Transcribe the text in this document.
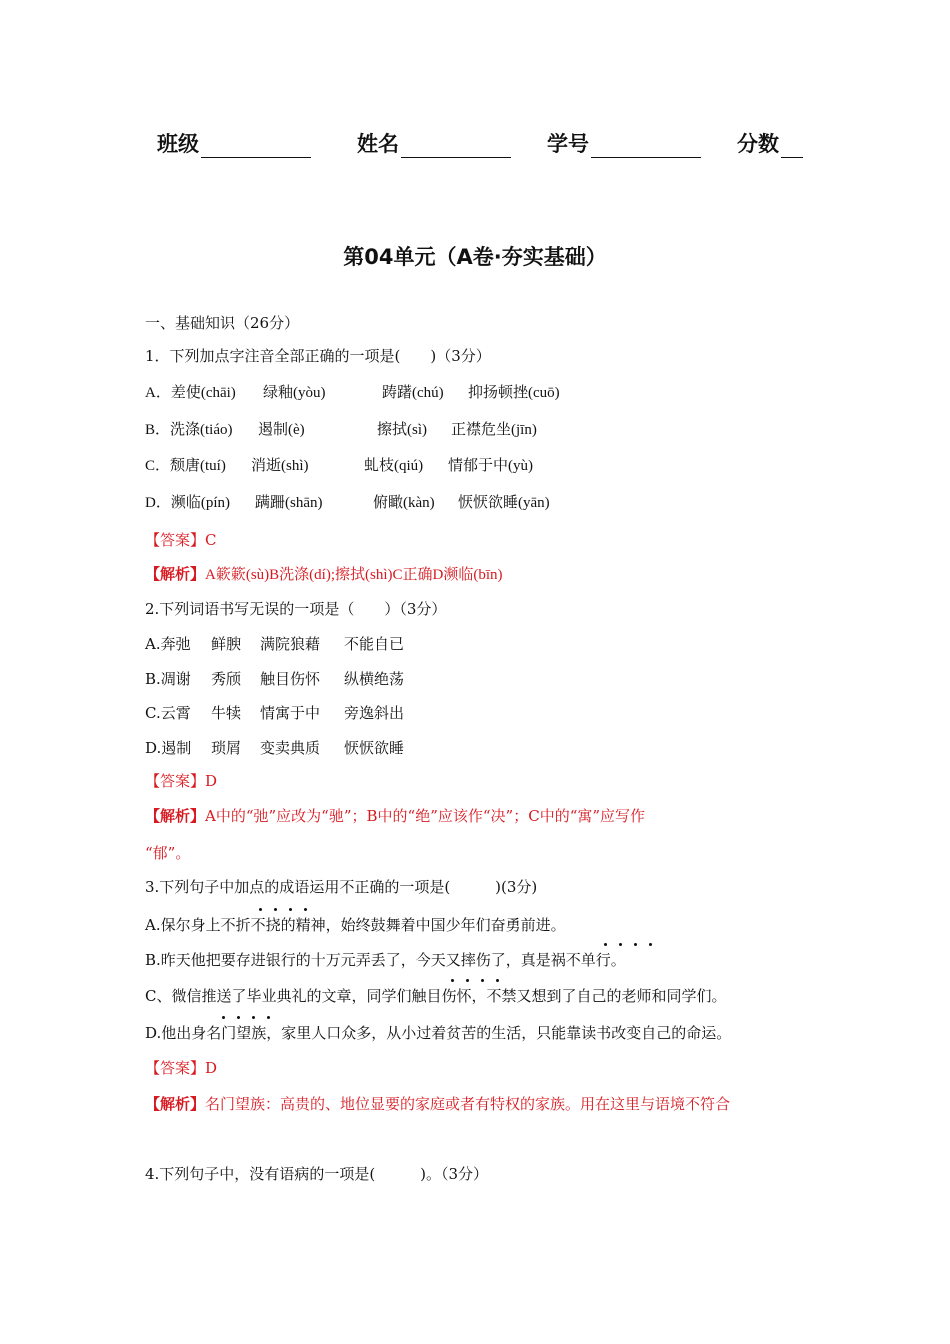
班级	姓名	学号	分数
第04单元（A卷·夯实基础）
一、基础知识（26分）
1．下列加点字注音全部正确的一项是(　　)（3分）
A．差使(chāi) 绿釉(yòu)	踌躇(chú) 抑扬顿挫(cuō)
B．洗涤(tiáo) 遏制(è)	擦拭(sì) 正襟危坐(jīn)
C．颓唐(tuí) 消逝(shì)	虬枝(qiú) 情郁于中(yù)
D．濒临(pín) 蹒跚(shān)	俯瞰(kàn) 恹恹欲睡(yān)
【答案】C
【解析】A簌簌(sù)B洗涤(dí);擦拭(shì)C正确D濒临(bīn)
2.下列词语书写无误的一项是（　　）（3分）
A.奔弛 鲜腴 满院狼藉 不能自已
B.凋谢 秀颀 触目伤怀 纵横绝荡
C.云霄 牛犊 情寓于中 旁逸斜出
D.遏制 琐屑 变卖典质 恹恹欲睡
【答案】D
【解析】A中的“弛”应改为“驰”；B中的“绝”应该作“决”；C中的“寓”应写作
“郁”。
3.下列句子中加点的成语运用不正确的一项是(　　　)(3分)
A.保尔身上不折不挠的精神，始终鼓舞着中国少年们奋勇前进。
B.昨天他把要存进银行的十万元弄丢了，今天又摔伤了，真是祸不单行。
C、微信推送了毕业典礼的文章，同学们触目伤怀，不禁又想到了自己的老师和同学们。
D.他出身名门望族，家里人口众多，从小过着贫苦的生活，只能靠读书改变自己的命运。
【答案】D
【解析】名门望族：高贵的、地位显要的家庭或者有特权的家族。用在这里与语境不符合
4.下列句子中，没有语病的一项是(　　　)。（3分）
